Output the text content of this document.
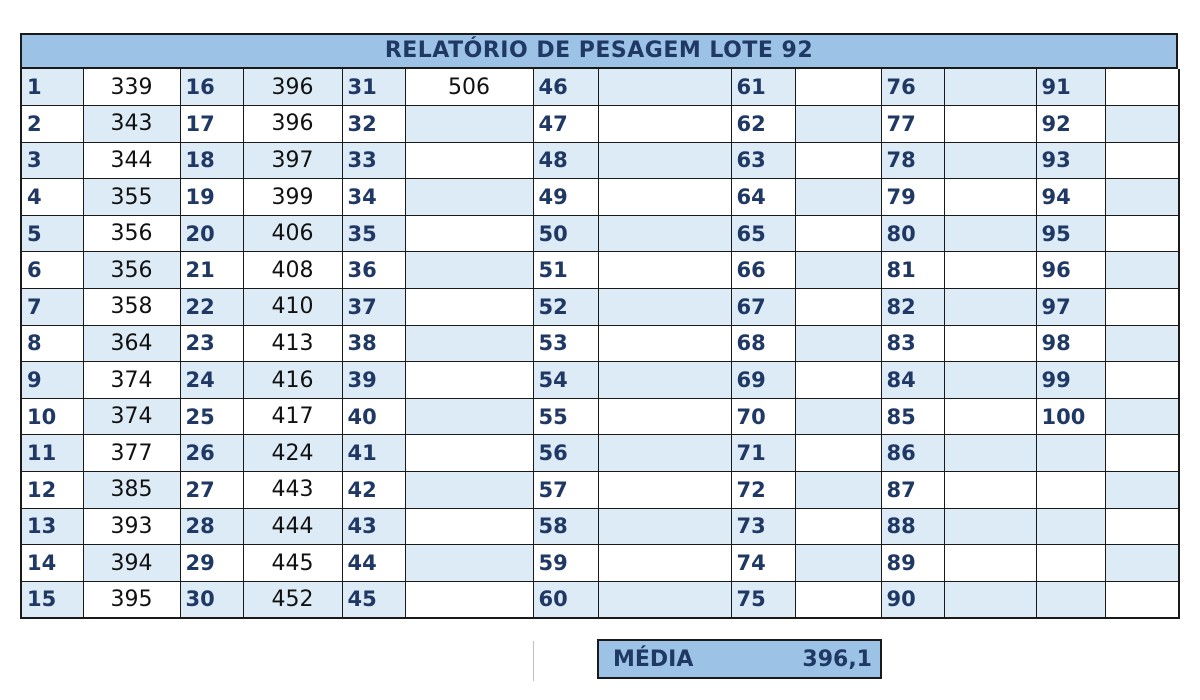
RELATÓRIO DE PESAGEM LOTE 92
1	339	16	396	31	506	46		61		76		91	
2	343	17	396	32		47		62		77		92	
3	344	18	397	33		48		63		78		93	
4	355	19	399	34		49		64		79		94	
5	356	20	406	35		50		65		80		95	
6	356	21	408	36		51		66		81		96	
7	358	22	410	37		52		67		82		97	
8	364	23	413	38		53		68		83		98	
9	374	24	416	39		54		69		84		99	
10	374	25	417	40		55		70		85		100	
11	377	26	424	41		56		71		86			
12	385	27	443	42		57		72		87			
13	393	28	444	43		58		73		88			
14	394	29	445	44		59		74		89			
15	395	30	452	45		60		75		90			
MÉDIA	396,1
